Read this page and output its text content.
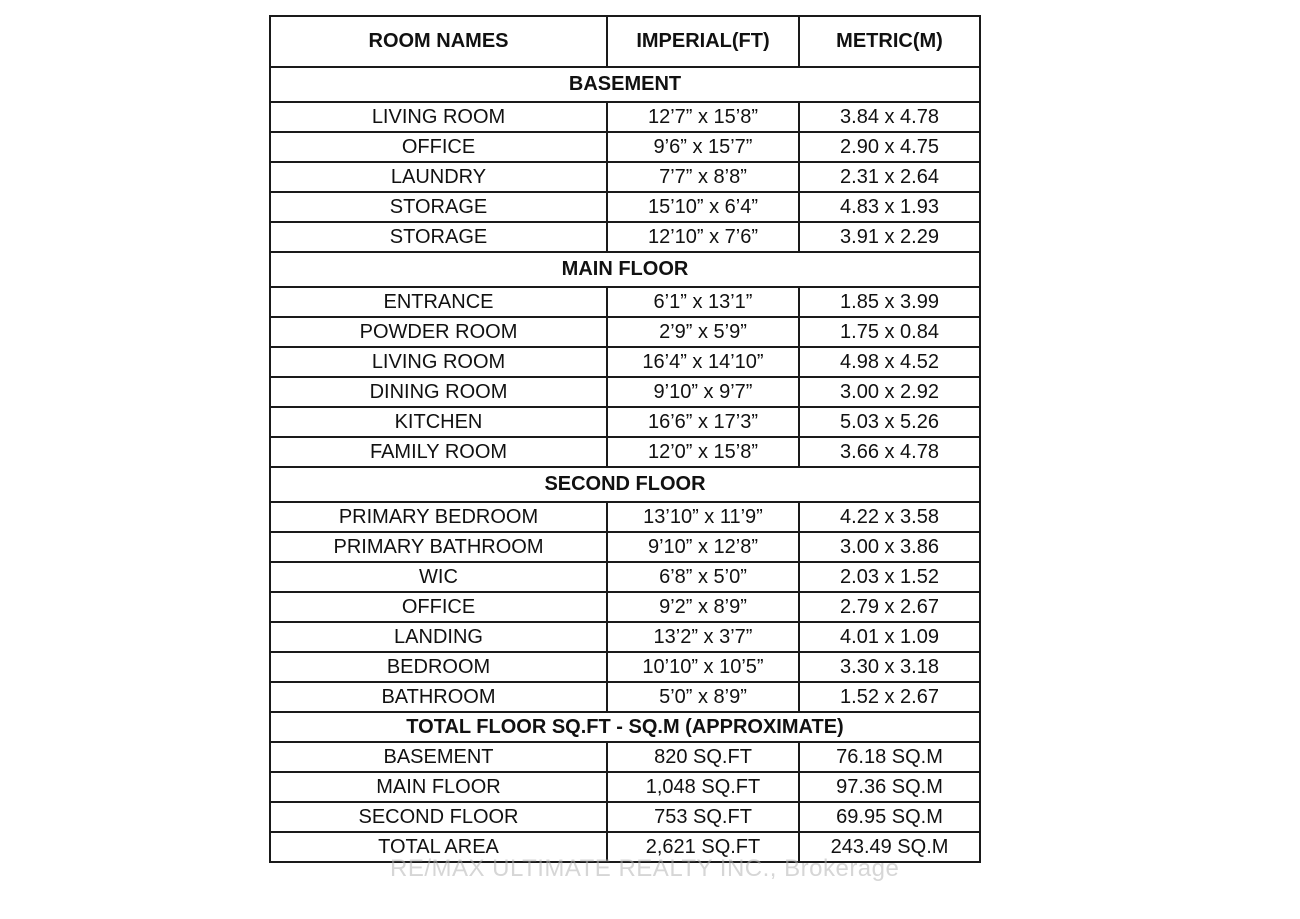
ROOM NAMES	IMPERIAL(FT)	METRIC(M)
BASEMENT		
LIVING ROOM	12’7” x 15’8”	3.84 x 4.78
OFFICE	9’6” x 15’7”	2.90 x 4.75
LAUNDRY	7’7” x 8’8”	2.31 x 2.64
STORAGE	15’10” x 6’4”	4.83 x 1.93
STORAGE	12’10” x 7’6”	3.91 x 2.29
MAIN FLOOR		
ENTRANCE	6’1” x 13’1”	1.85 x 3.99
POWDER ROOM	2’9” x 5’9”	1.75 x 0.84
LIVING ROOM	16’4” x 14’10”	4.98 x 4.52
DINING ROOM	9’10” x 9’7”	3.00 x 2.92
KITCHEN	16’6” x 17’3”	5.03 x 5.26
FAMILY ROOM	12’0” x 15’8”	3.66 x 4.78
SECOND FLOOR		
PRIMARY BEDROOM	13’10” x 11’9”	4.22 x 3.58
PRIMARY BATHROOM	9’10” x 12’8”	3.00 x 3.86
WIC	6’8” x 5’0”	2.03 x 1.52
OFFICE	9’2” x 8’9”	2.79 x 2.67
LANDING	13’2” x 3’7”	4.01 x 1.09
BEDROOM	10’10” x 10’5”	3.30 x 3.18
BATHROOM	5’0” x 8’9”	1.52 x 2.67
TOTAL FLOOR SQ.FT - SQ.M (APPROXIMATE)		
BASEMENT	820 SQ.FT	76.18 SQ.M
MAIN FLOOR	1,048 SQ.FT	97.36 SQ.M
SECOND FLOOR	753 SQ.FT	69.95 SQ.M
TOTAL AREA	2,621 SQ.FT	243.49 SQ.M
RE/MAX ULTIMATE REALTY INC., Brokerage
